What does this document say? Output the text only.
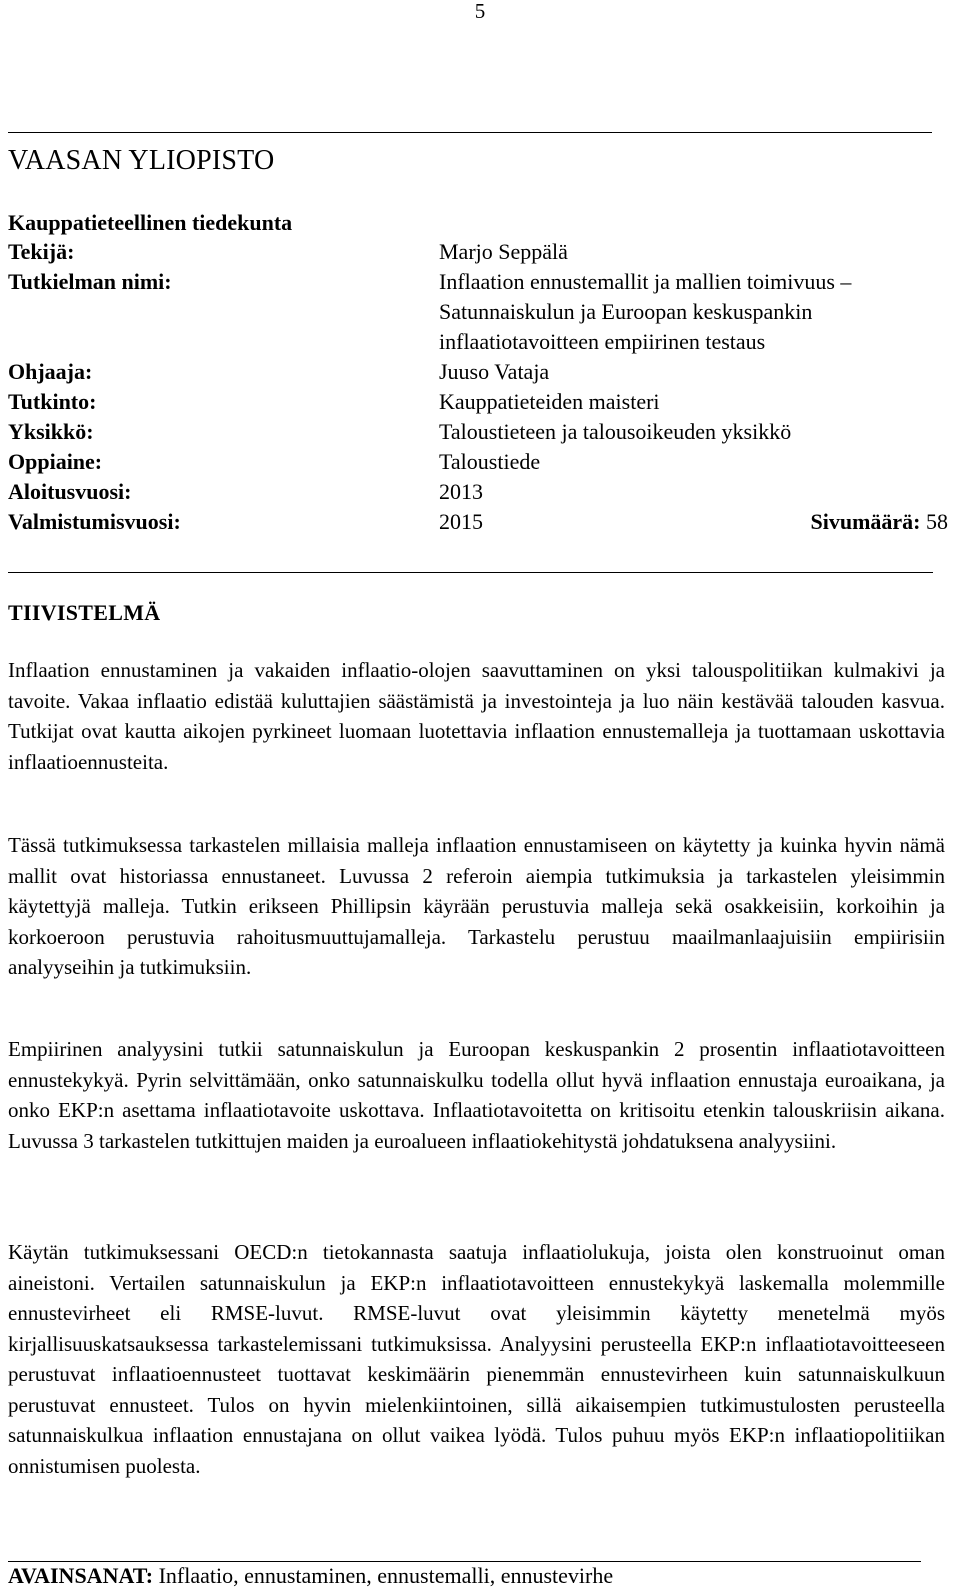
5
VAASAN YLIOPISTO
Kauppatieteellinen tiedekunta
Tekijä:	Marjo Seppälä
Tutkielman nimi:	Inflaation ennustemallit ja mallien toimivuus –
Satunnaiskulun ja Euroopan keskuspankin
inflaatiotavoitteen empiirinen testaus
Ohjaaja:	Juuso Vataja
Tutkinto:	Kauppatieteiden maisteri
Yksikkö:	Taloustieteen ja talousoikeuden yksikkö
Oppiaine:	Taloustiede
Aloitusvuosi:	2013
Valmistumisvuosi:	2015	Sivumäärä: 58
TIIVISTELMÄ

Inflaation ennustaminen ja vakaiden inflaatio-olojen saavuttaminen on yksi talouspolitiikan kulmakivi ja tavoite. Vakaa inflaatio edistää kuluttajien säästämistä ja investointeja ja luo näin kestävää talouden kasvua. Tutkijat ovat kautta aikojen pyrkineet luomaan luotettavia inflaation ennustemalleja ja tuottamaan uskottavia inflaatioennusteita.

Tässä tutkimuksessa tarkastelen millaisia malleja inflaation ennustamiseen on käytetty ja kuinka hyvin nämä mallit ovat historiassa ennustaneet. Luvussa 2 referoin aiempia tutkimuksia ja tarkastelen yleisimmin käytettyjä malleja. Tutkin erikseen Phillipsin käyrään perustuvia malleja sekä osakkeisiin, korkoihin ja korkoeroon perustuvia rahoitusmuuttujamalleja. Tarkastelu perustuu maailmanlaajuisiin empiirisiin analyyseihin ja tutkimuksiin.

Empiirinen analyysini tutkii satunnaiskulun ja Euroopan keskuspankin 2 prosentin inflaatiotavoitteen ennustekykyä. Pyrin selvittämään, onko satunnaiskulku todella ollut hyvä inflaation ennustaja euroaikana, ja onko EKP:n asettama inflaatiotavoite uskottava. Inflaatiotavoitetta on kritisoitu etenkin talouskriisin aikana. Luvussa 3 tarkastelen tutkittujen maiden ja euroalueen inflaatiokehitystä johdatuksena analyysiini.

Käytän tutkimuksessani OECD:n tietokannasta saatuja inflaatiolukuja, joista olen konstruoinut oman aineistoni. Vertailen satunnaiskulun ja EKP:n inflaatiotavoitteen ennustekykyä laskemalla molemmille ennustevirheet eli RMSE-luvut. RMSE-luvut ovat yleisimmin käytetty menetelmä myös kirjallisuuskatsauksessa tarkastelemissani tutkimuksissa. Analyysini perusteella EKP:n inflaatiotavoitteeseen perustuvat inflaatioennusteet tuottavat keskimäärin pienemmän ennustevirheen kuin satunnaiskulkuun perustuvat ennusteet. Tulos on hyvin mielenkiintoinen, sillä aikaisempien tutkimustulosten perusteella satunnaiskulkua inflaation ennustajana on ollut vaikea lyödä. Tulos puhuu myös EKP:n inflaatiopolitiikan onnistumisen puolesta.

AVAINSANAT: Inflaatio, ennustaminen, ennustemalli, ennustevirhe
